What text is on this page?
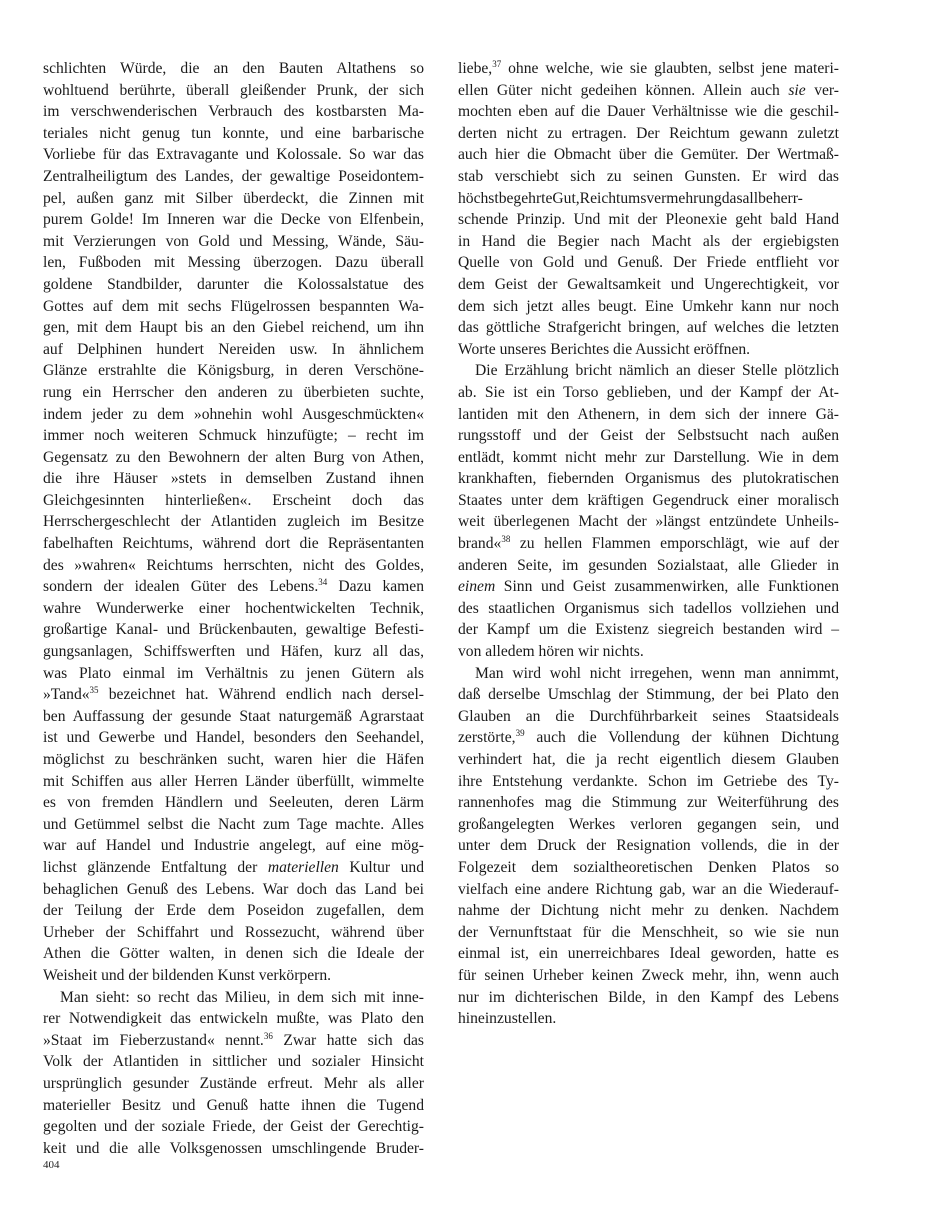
schlichten Würde, die an den Bauten Altathens so
wohltuend berührte, überall gleißender Prunk, der sich
im verschwenderischen Verbrauch des kostbarsten Ma-
teriales nicht genug tun konnte, und eine barbarische
Vorliebe für das Extravagante und Kolossale. So war das
Zentralheiligtum des Landes, der gewaltige Poseidontem-
pel, außen ganz mit Silber überdeckt, die Zinnen mit
purem Golde! Im Inneren war die Decke von Elfenbein,
mit Verzierungen von Gold und Messing, Wände, Säu-
len, Fußboden mit Messing überzogen. Dazu überall
goldene Standbilder, darunter die Kolossalstatue des
Gottes auf dem mit sechs Flügelrossen bespannten Wa-
gen, mit dem Haupt bis an den Giebel reichend, um ihn
auf Delphinen hundert Nereiden usw. In ähnlichem
Glänze erstrahlte die Königsburg, in deren Verschöne-
rung ein Herrscher den anderen zu überbieten suchte,
indem jeder zu dem »ohnehin wohl Ausgeschmückten«
immer noch weiteren Schmuck hinzufügte; – recht im
Gegensatz zu den Bewohnern der alten Burg von Athen,
die ihre Häuser »stets in demselben Zustand ihnen
Gleichgesinnten hinterließen«. Erscheint doch das
Herrschergeschlecht der Atlantiden zugleich im Besitze
fabelhaften Reichtums, während dort die Repräsentanten
des »wahren« Reichtums herrschten, nicht des Goldes,
sondern der idealen Güter des Lebens.$^{34}$ Dazu kamen
wahre Wunderwerke einer hochentwickelten Technik,
großartige Kanal- und Brückenbauten, gewaltige Befesti-
gungsanlagen, Schiffswerften und Häfen, kurz all das,
was Plato einmal im Verhältnis zu jenen Gütern als
»Tand«$^{35}$ bezeichnet hat. Während endlich nach dersel-
ben Auffassung der gesunde Staat naturgemäß Agrarstaat
ist und Gewerbe und Handel, besonders den Seehandel,
möglichst zu beschränken sucht, waren hier die Häfen
mit Schiffen aus aller Herren Länder überfüllt, wimmelte
es von fremden Händlern und Seeleuten, deren Lärm
und Getümmel selbst die Nacht zum Tage machte. Alles
war auf Handel und Industrie angelegt, auf eine mög-
lichst glänzende Entfaltung der materiellen Kultur und
behaglichen Genuß des Lebens. War doch das Land bei
der Teilung der Erde dem Poseidon zugefallen, dem
Urheber der Schiffahrt und Rossezucht, während über
Athen die Götter walten, in denen sich die Ideale der
Weisheit und der bildenden Kunst verkörpern.
Man sieht: so recht das Milieu, in dem sich mit inne-
rer Notwendigkeit das entwickeln mußte, was Plato den
»Staat im Fieberzustand« nennt.$^{36}$ Zwar hatte sich das
Volk der Atlantiden in sittlicher und sozialer Hinsicht
ursprünglich gesunder Zustände erfreut. Mehr als aller
materieller Besitz und Genuß hatte ihnen die Tugend
gegolten und der soziale Friede, der Geist der Gerechtig-
keit und die alle Volksgenossen umschlingende Bruder-
liebe,$^{37}$ ohne welche, wie sie glaubten, selbst jene materi-
ellen Güter nicht gedeihen können. Allein auch sie ver-
mochten eben auf die Dauer Verhältnisse wie die geschil-
derten nicht zu ertragen. Der Reichtum gewann zuletzt
auch hier die Obmacht über die Gemüter. Der Wertmaß-
stab verschiebt sich zu seinen Gunsten. Er wird das
höchstbegehrteGut,Reichtumsvermehrungdasallbeherr-
schende Prinzip. Und mit der Pleonexie geht bald Hand
in Hand die Begier nach Macht als der ergiebigsten
Quelle von Gold und Genuß. Der Friede entflieht vor
dem Geist der Gewaltsamkeit und Ungerechtigkeit, vor
dem sich jetzt alles beugt. Eine Umkehr kann nur noch
das göttliche Strafgericht bringen, auf welches die letzten
Worte unseres Berichtes die Aussicht eröffnen.
Die Erzählung bricht nämlich an dieser Stelle plötzlich
ab. Sie ist ein Torso geblieben, und der Kampf der At-
lantiden mit den Athenern, in dem sich der innere Gä-
rungsstoff und der Geist der Selbstsucht nach außen
entlädt, kommt nicht mehr zur Darstellung. Wie in dem
krankhaften, fiebernden Organismus des plutokratischen
Staates unter dem kräftigen Gegendruck einer moralisch
weit überlegenen Macht der »längst entzündete Unheils-
brand«$^{38}$ zu hellen Flammen emporschlägt, wie auf der
anderen Seite, im gesunden Sozialstaat, alle Glieder in
einem Sinn und Geist zusammenwirken, alle Funktionen
des staatlichen Organismus sich tadellos vollziehen und
der Kampf um die Existenz siegreich bestanden wird –
von alledem hören wir nichts.
Man wird wohl nicht irregehen, wenn man annimmt,
daß derselbe Umschlag der Stimmung, der bei Plato den
Glauben an die Durchführbarkeit seines Staatsideals
zerstörte,$^{39}$ auch die Vollendung der kühnen Dichtung
verhindert hat, die ja recht eigentlich diesem Glauben
ihre Entstehung verdankte. Schon im Getriebe des Ty-
rannenhofes mag die Stimmung zur Weiterführung des
großangelegten Werkes verloren gegangen sein, und
unter dem Druck der Resignation vollends, die in der
Folgezeit dem sozialtheoretischen Denken Platos so
vielfach eine andere Richtung gab, war an die Wiederauf-
nahme der Dichtung nicht mehr zu denken. Nachdem
der Vernunftstaat für die Menschheit, so wie sie nun
einmal ist, ein unerreichbares Ideal geworden, hatte es
für seinen Urheber keinen Zweck mehr, ihn, wenn auch
nur im dichterischen Bilde, in den Kampf des Lebens
hineinzustellen.
404
